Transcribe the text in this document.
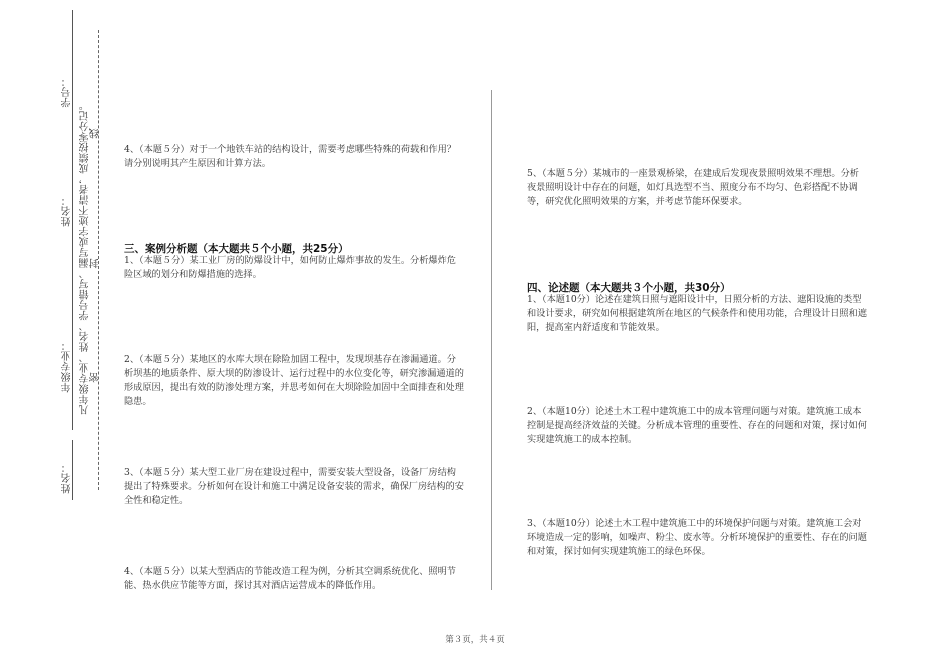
学号：
姓名：
年级专业：
姓名：
凡年级专业、姓名、学号错写、漏写或字迹不清者，成绩按零分记。 密
封
线
4、（本题５分）对于一个地铁车站的结构设计，需要考虑哪些特殊的荷载和作用？请分别说明其产生原因和计算方法。
三、案例分析题（本大题共５个小题，共25分）
1、（本题５分）某工业厂房的防爆设计中，如何防止爆炸事故的发生。分析爆炸危险区域的划分和防爆措施的选择。
2、（本题５分）某地区的水库大坝在除险加固工程中，发现坝基存在渗漏通道。分析坝基的地质条件、原大坝的防渗设计、运行过程中的水位变化等，研究渗漏通道的形成原因，提出有效的防渗处理方案，并思考如何在大坝除险加固中全面排查和处理隐患。
3、（本题５分）某大型工业厂房在建设过程中，需要安装大型设备，设备厂房结构提出了特殊要求。分析如何在设计和施工中满足设备安装的需求，确保厂房结构的安全性和稳定性。
4、（本题５分）以某大型酒店的节能改造工程为例，分析其空调系统优化、照明节能、热水供应节能等方面，探讨其对酒店运营成本的降低作用。
5、（本题５分）某城市的一座景观桥梁，在建成后发现夜景照明效果不理想。分析夜景照明设计中存在的问题，如灯具选型不当、照度分布不均匀、色彩搭配不协调等，研究优化照明效果的方案，并考虑节能环保要求。
四、论述题（本大题共３个小题，共30分）
1、（本题10分）论述在建筑日照与遮阳设计中，日照分析的方法、遮阳设施的类型和设计要求，研究如何根据建筑所在地区的气候条件和使用功能，合理设计日照和遮阳，提高室内舒适度和节能效果。
2、（本题10分）论述土木工程中建筑施工中的成本管理问题与对策。建筑施工成本控制是提高经济效益的关键。分析成本管理的重要性、存在的问题和对策，探讨如何实现建筑施工的成本控制。
3、（本题10分）论述土木工程中建筑施工中的环境保护问题与对策。建筑施工会对环境造成一定的影响，如噪声、粉尘、废水等。分析环境保护的重要性、存在的问题和对策，探讨如何实现建筑施工的绿色环保。
第３页，共４页
